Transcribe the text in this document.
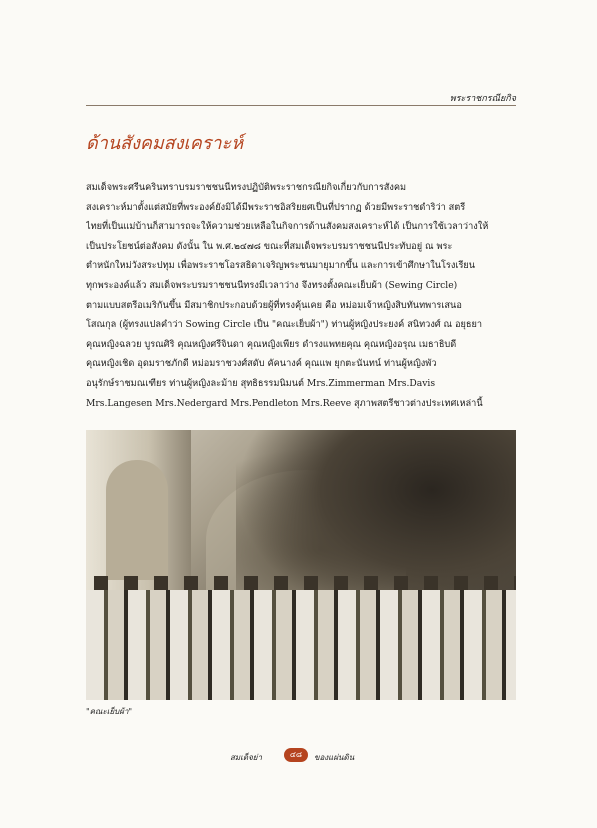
พระราชกรณียกิจ
ด้านสังคมสงเคราะห์
สมเด็จพระศรีนครินทราบรมราชชนนีทรงปฏิบัติพระราชกรณียกิจเกี่ยวกับการสังคม
สงเคราะห์มาตั้งแต่สมัยที่พระองค์ยังมิได้มีพระราชอิสริยยศเป็นที่ปรากฏ ด้วยมีพระราชดำริว่า สตรี
ไทยที่เป็นแม่บ้านก็สามารถจะให้ความช่วยเหลือในกิจการด้านสังคมสงเคราะห์ได้ เป็นการใช้เวลาว่างให้
เป็นประโยชน์ต่อสังคม ดังนั้น ใน พ.ศ.๒๔๗๘ ขณะที่สมเด็จพระบรมราชชนนีประทับอยู่ ณ พระ
ตำหนักใหม่วังสระปทุม เพื่อพระราชโอรสธิดาเจริญพระชนมายุมากขึ้น และการเข้าศึกษาในโรงเรียน
ทุกพระองค์แล้ว สมเด็จพระบรมราชชนนีทรงมีเวลาว่าง จึงทรงตั้งคณะเย็บผ้า (Sewing Circle)
ตามแบบสตรีอเมริกันขึ้น มีสมาชิกประกอบด้วยผู้ที่ทรงคุ้นเคย คือ หม่อมเจ้าหญิงสิบทันทพารเสนอ
โสณกุล (ผู้ทรงแปลคำว่า Sowing Circle เป็น "คณะเย็บผ้า") ท่านผู้หญิงประยงค์ สนิทวงศ์ ณ อยุธยา
คุณหญิงฉลวย บูรณศิริ คุณหญิงศรีจินดา คุณหญิงเพียร ดำรงแพทยคุณ คุณหญิงอรุณ เมธาธิบดี
คุณหญิงเชิด อุดมราชภักดี หม่อมราชวงศ์สดับ คัคนางค์ คุณแพ ยุกตะนันทน์ ท่านผู้หญิงพัว
อนุรักษ์ราชมณเฑียร ท่านผู้หญิงละม้าย สุทธิธรรมนิมนต์ Mrs.Zimmerman Mrs.Davis
Mrs.Langesen Mrs.Nedergard Mrs.Pendleton Mrs.Reeve สุภาพสตรีชาวต่างประเทศเหล่านี้
"คณะเย็บผ้า"
สมเด็จย่า	๔๘	ของแผ่นดิน
